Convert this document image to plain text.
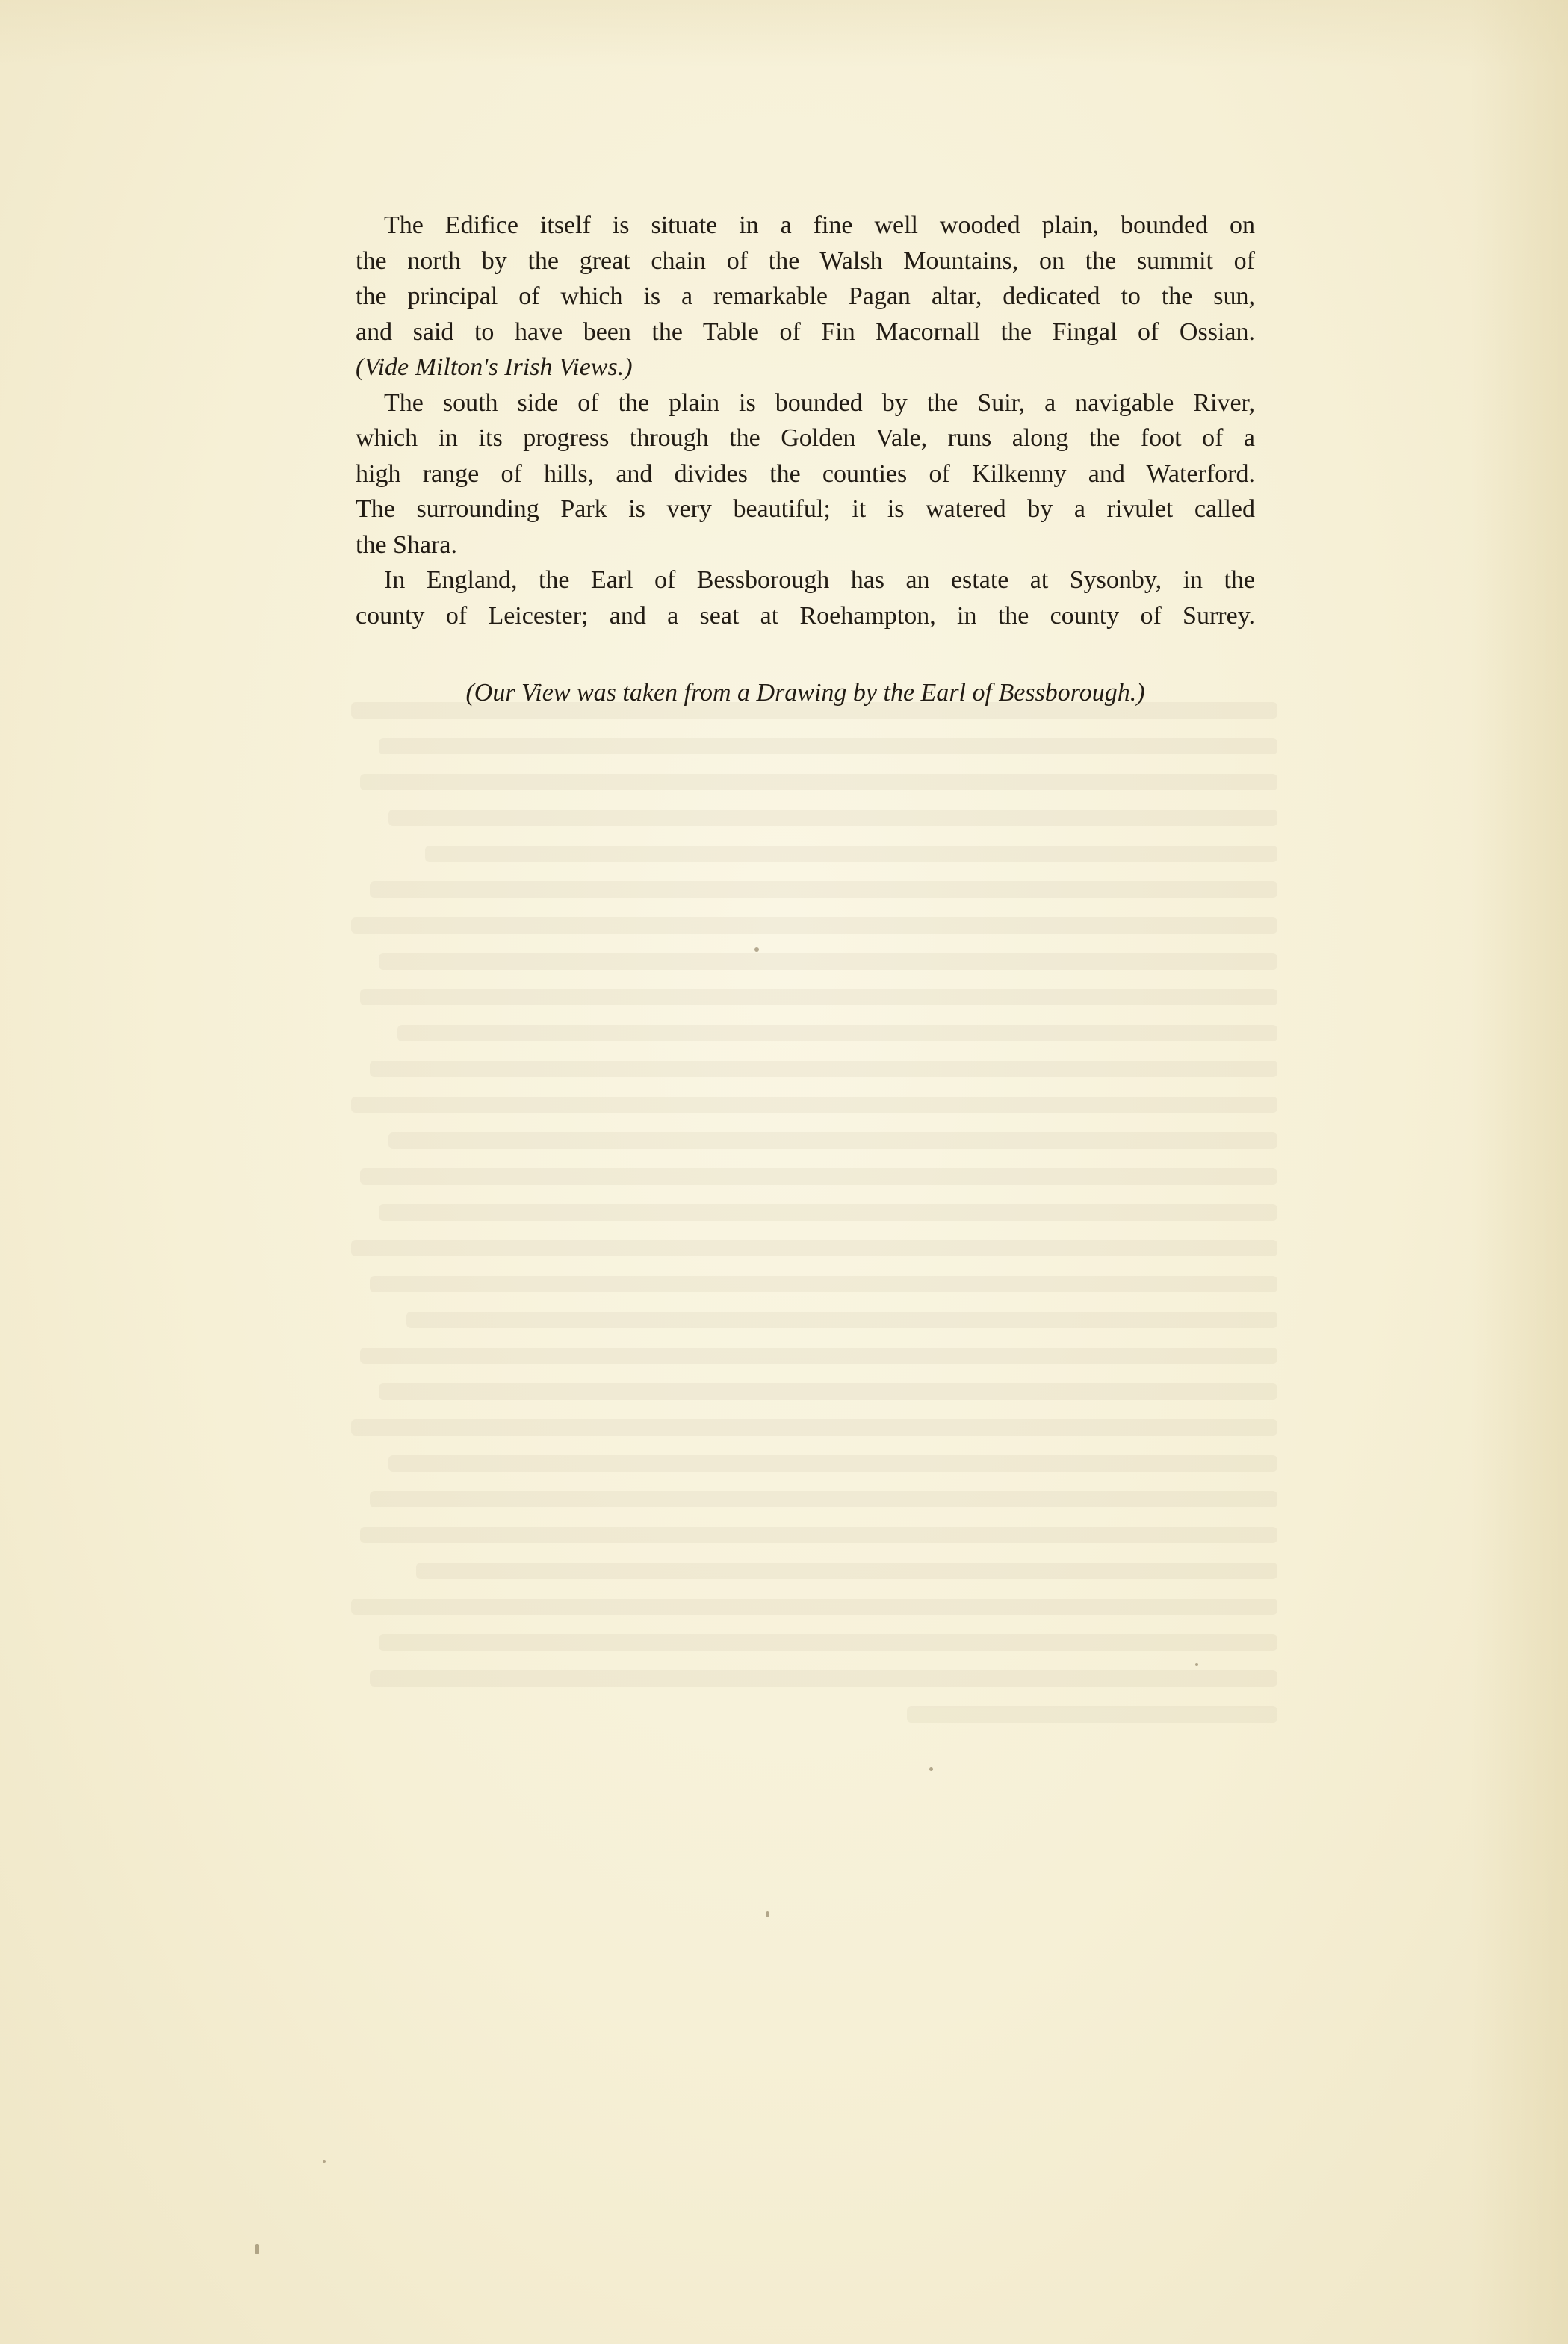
The Edifice itself is situate in a fine well wooded plain, bounded on
the north by the great chain of the Walsh Mountains, on the summit of
the principal of which is a remarkable Pagan altar, dedicated to the sun,
and said to have been the Table of Fin Macornall the Fingal of Ossian.
(Vide Milton's Irish Views.)
The south side of the plain is bounded by the Suir, a navigable River,
which in its progress through the Golden Vale, runs along the foot of a
high range of hills, and divides the counties of Kilkenny and Waterford.
The surrounding Park is very beautiful; it is watered by a rivulet called
the Shara.
In England, the Earl of Bessborough has an estate at Sysonby, in the
county of Leicester; and a seat at Roehampton, in the county of Surrey.
(Our View was taken from a Drawing by the Earl of Bessborough.)
